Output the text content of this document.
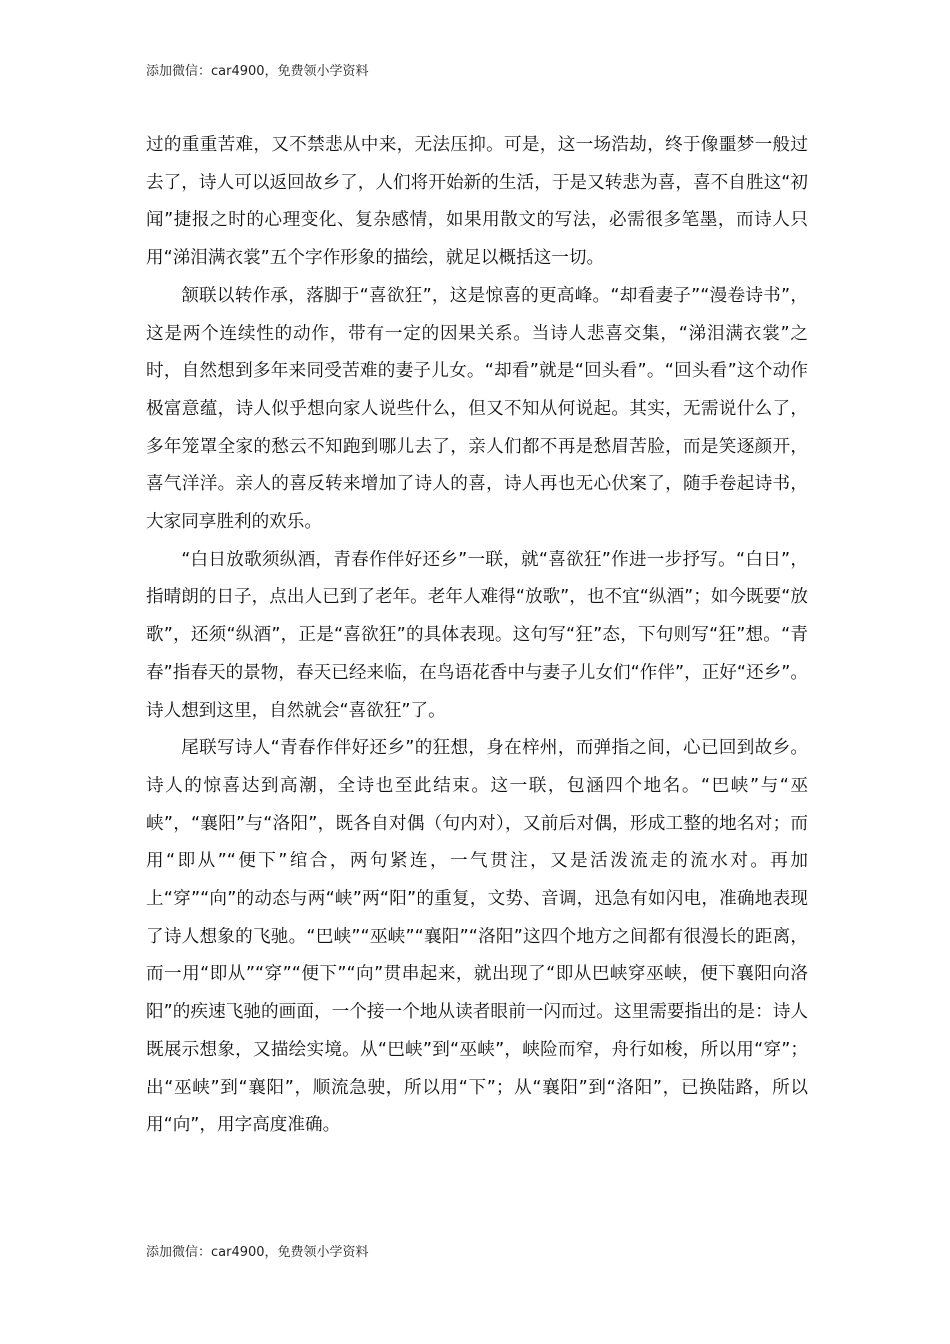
添加微信：car4900，免费领小学资料

过的重重苦难，又不禁悲从中来，无法压抑。可是，这一场浩劫，终于像噩梦一般过去了，诗人可以返回故乡了，人们将开始新的生活，于是又转悲为喜，喜不自胜这“初闻”捷报之时的心理变化、复杂感情，如果用散文的写法，必需很多笔墨，而诗人只用“涕泪满衣裳”五个字作形象的描绘，就足以概括这一切。

颔联以转作承，落脚于“喜欲狂”，这是惊喜的更高峰。“却看妻子”“漫卷诗书”，这是两个连续性的动作，带有一定的因果关系。当诗人悲喜交集，“涕泪满衣裳”之时，自然想到多年来同受苦难的妻子儿女。“却看”就是“回头看”。“回头看”这个动作极富意蕴，诗人似乎想向家人说些什么，但又不知从何说起。其实，无需说什么了，多年笼罩全家的愁云不知跑到哪儿去了，亲人们都不再是愁眉苦脸，而是笑逐颜开，喜气洋洋。亲人的喜反转来增加了诗人的喜，诗人再也无心伏案了，随手卷起诗书，大家同享胜利的欢乐。

“白日放歌须纵酒，青春作伴好还乡”一联，就“喜欲狂”作进一步抒写。“白日”，指晴朗的日子，点出人已到了老年。老年人难得“放歌”，也不宜“纵酒”；如今既要“放歌”，还须“纵酒”，正是“喜欲狂”的具体表现。这句写“狂”态，下句则写“狂”想。“青春”指春天的景物，春天已经来临，在鸟语花香中与妻子儿女们“作伴”，正好“还乡”。诗人想到这里，自然就会“喜欲狂”了。

尾联写诗人“青春作伴好还乡”的狂想，身在梓州，而弹指之间，心已回到故乡。诗人的惊喜达到高潮，全诗也至此结束。这一联，包涵四个地名。“巴峡”与“巫峡”，“襄阳”与“洛阳”，既各自对偶（句内对），又前后对偶，形成工整的地名对；而用“即从”“便下”绾合，两句紧连，一气贯注，又是活泼流走的流水对。再加上“穿”“向”的动态与两“峡”两“阳”的重复，文势、音调，迅急有如闪电，准确地表现了诗人想象的飞驰。“巴峡”“巫峡”“襄阳”“洛阳”这四个地方之间都有很漫长的距离，而一用“即从”“穿”“便下”“向”贯串起来，就出现了“即从巴峡穿巫峡，便下襄阳向洛阳”的疾速飞驰的画面，一个接一个地从读者眼前一闪而过。这里需要指出的是：诗人既展示想象，又描绘实境。从“巴峡”到“巫峡”，峡险而窄，舟行如梭，所以用“穿”；出“巫峡”到“襄阳”，顺流急驶，所以用“下”；从“襄阳”到“洛阳”，已换陆路，所以用“向”，用字高度准确。

添加微信：car4900，免费领小学资料
